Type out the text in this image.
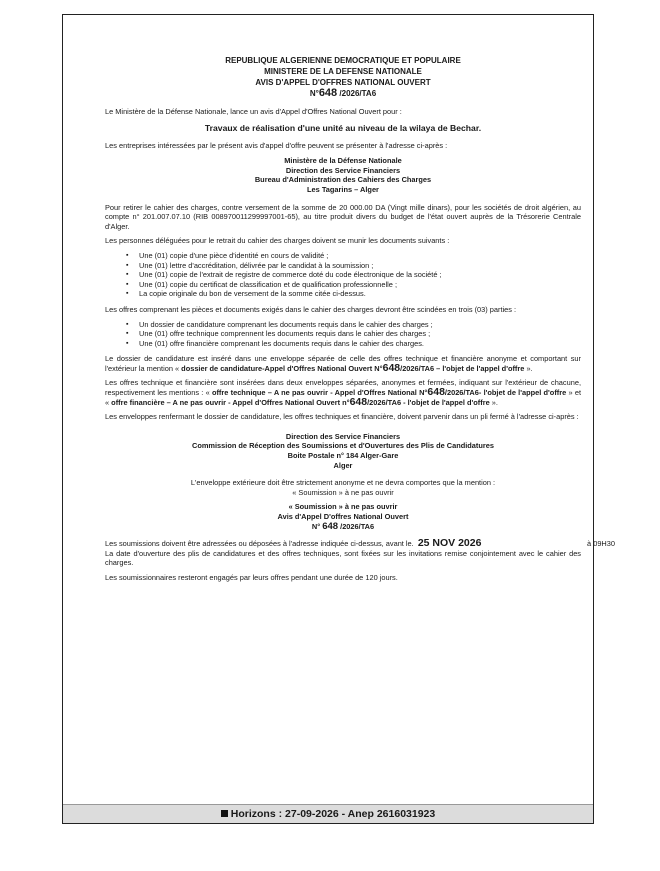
REPUBLIQUE ALGERIENNE DEMOCRATIQUE ET POPULAIRE
MINISTERE DE LA DEFENSE NATIONALE
AVIS D'APPEL D'OFFRES NATIONAL OUVERT
N°648 /2026/TA6

Le Ministère de la Défense Nationale, lance un avis d'Appel d'Offres National Ouvert pour :

Travaux de réalisation d'une unité au niveau de la wilaya de Bechar.

Les entreprises intéressées par le présent avis d'appel d'offre peuvent se présenter à l'adresse ci-après :

Ministère de la Défense Nationale
Direction des Service Financiers
Bureau d'Administration des Cahiers des Charges
Les Tagarins – Alger

Pour retirer le cahier des charges, contre versement de la somme de 20 000.00 DA (Vingt mille dinars), pour les sociétés de droit algérien, au compte n° 201.007.07.10 (RIB 008970011299997001-65), au titre produit divers du budget de l'état ouvert auprès de la Trésorerie Centrale d'Alger.

Les personnes déléguées pour le retrait du cahier des charges doivent se munir les documents suivants :

▪ Une (01) copie d'une pièce d'identité en cours de validité ;
▪ Une (01) lettre d'accréditation, délivrée par le candidat à la soumission ;
▪ Une (01) copie de l'extrait de registre de commerce doté du code électronique de la société ;
▪ Une (01) copie du certificat de classification et de qualification professionnelle ;
▪ La copie originale du bon de versement de la somme citée ci-dessus.

Les offres comprenant les pièces et documents exigés dans le cahier des charges devront être scindées en trois (03) parties :

▪ Un dossier de candidature comprenant les documents requis dans le cahier des charges ;
▪ Une (01) offre technique comprennent les documents requis dans le cahier des charges ;
▪ Une (01) offre financière comprenant les documents requis dans le cahier des charges.

Le dossier de candidature est inséré dans une enveloppe séparée de celle des offres technique et financière anonyme et comportant sur l'extérieur la mention « dossier de candidature-Appel d'Offres National Ouvert N°648/2026/TA6 – l'objet de l'appel d'offre ».

Les offres technique et financière sont insérées dans deux enveloppes séparées, anonymes et fermées, indiquant sur l'extérieur de chacune, respectivement les mentions : « offre technique – A ne pas ouvrir - Appel d'Offres National N°648/2026/TA6- l'objet de l'appel d'offre » et « offre financière – A ne pas ouvrir - Appel d'Offres National Ouvert n°648/2026/TA6 - l'objet de l'appel d'offre ».

Les enveloppes renfermant le dossier de candidature, les offres techniques et financière, doivent parvenir dans un pli fermé à l'adresse ci-après :

Direction des Service Financiers
Commission de Réception des Soumissions et d'Ouvertures des Plis de Candidatures
Boite Postale n° 184 Alger-Gare
Alger

L'enveloppe extérieure doit être strictement anonyme et ne devra comportes que la mention :

« Soumission » à ne pas ouvrir

« Soumission » à ne pas ouvrir
Avis d'Appel D'offres National Ouvert
N° 648 /2026/TA6

Les soumissions doivent être adressées ou déposées à l'adresse indiquée ci-dessus, avant le. 25 NOV 2026	à 09H30

La date d'ouverture des plis de candidatures et des offres techniques, sont fixées sur les invitations remise conjointement avec le cahier des charges.

Les soumissionnaires resteront engagés par leurs offres pendant une durée de 120 jours.

Horizons : 27-09-2026 - Anep 2616031923
